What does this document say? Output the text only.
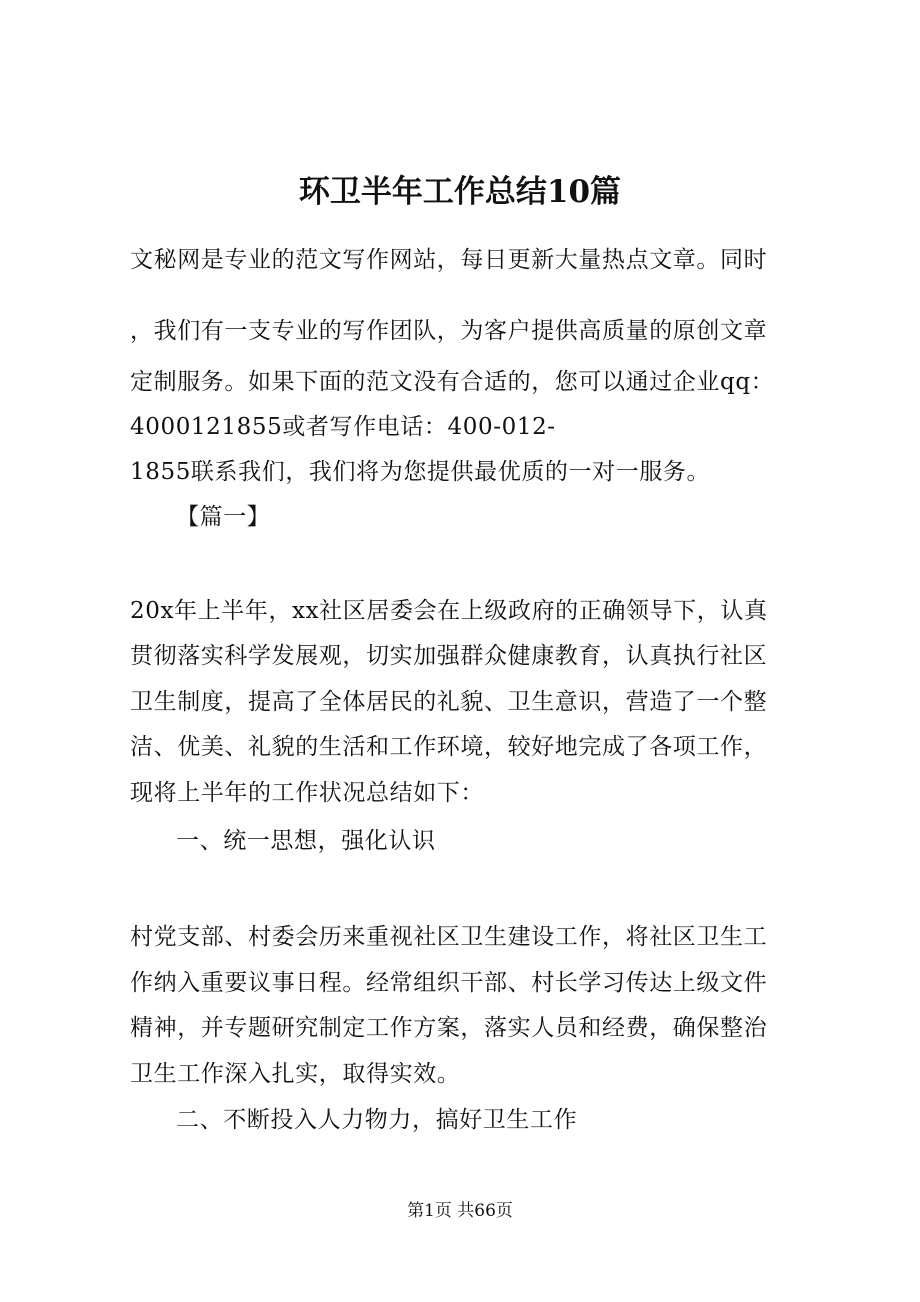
环卫半年工作总结10篇
文秘网是专业的范文写作网站，每日更新大量热点文章。同时
，我们有一支专业的写作团队，为客户提供高质量的原创文章
定制服务。如果下面的范文没有合适的，您可以通过企业qq：
4000121855或者写作电话：400-012-
1855联系我们，我们将为您提供最优质的一对一服务。
【篇一】
20x年上半年，xx社区居委会在上级政府的正确领导下，认真
贯彻落实科学发展观，切实加强群众健康教育，认真执行社区
卫生制度，提高了全体居民的礼貌、卫生意识，营造了一个整
洁、优美、礼貌的生活和工作环境，较好地完成了各项工作，
现将上半年的工作状况总结如下：
一、统一思想，强化认识
村党支部、村委会历来重视社区卫生建设工作，将社区卫生工
作纳入重要议事日程。经常组织干部、村长学习传达上级文件
精神，并专题研究制定工作方案，落实人员和经费，确保整治
卫生工作深入扎实，取得实效。
二、不断投入人力物力，搞好卫生工作
第1页 共66页
